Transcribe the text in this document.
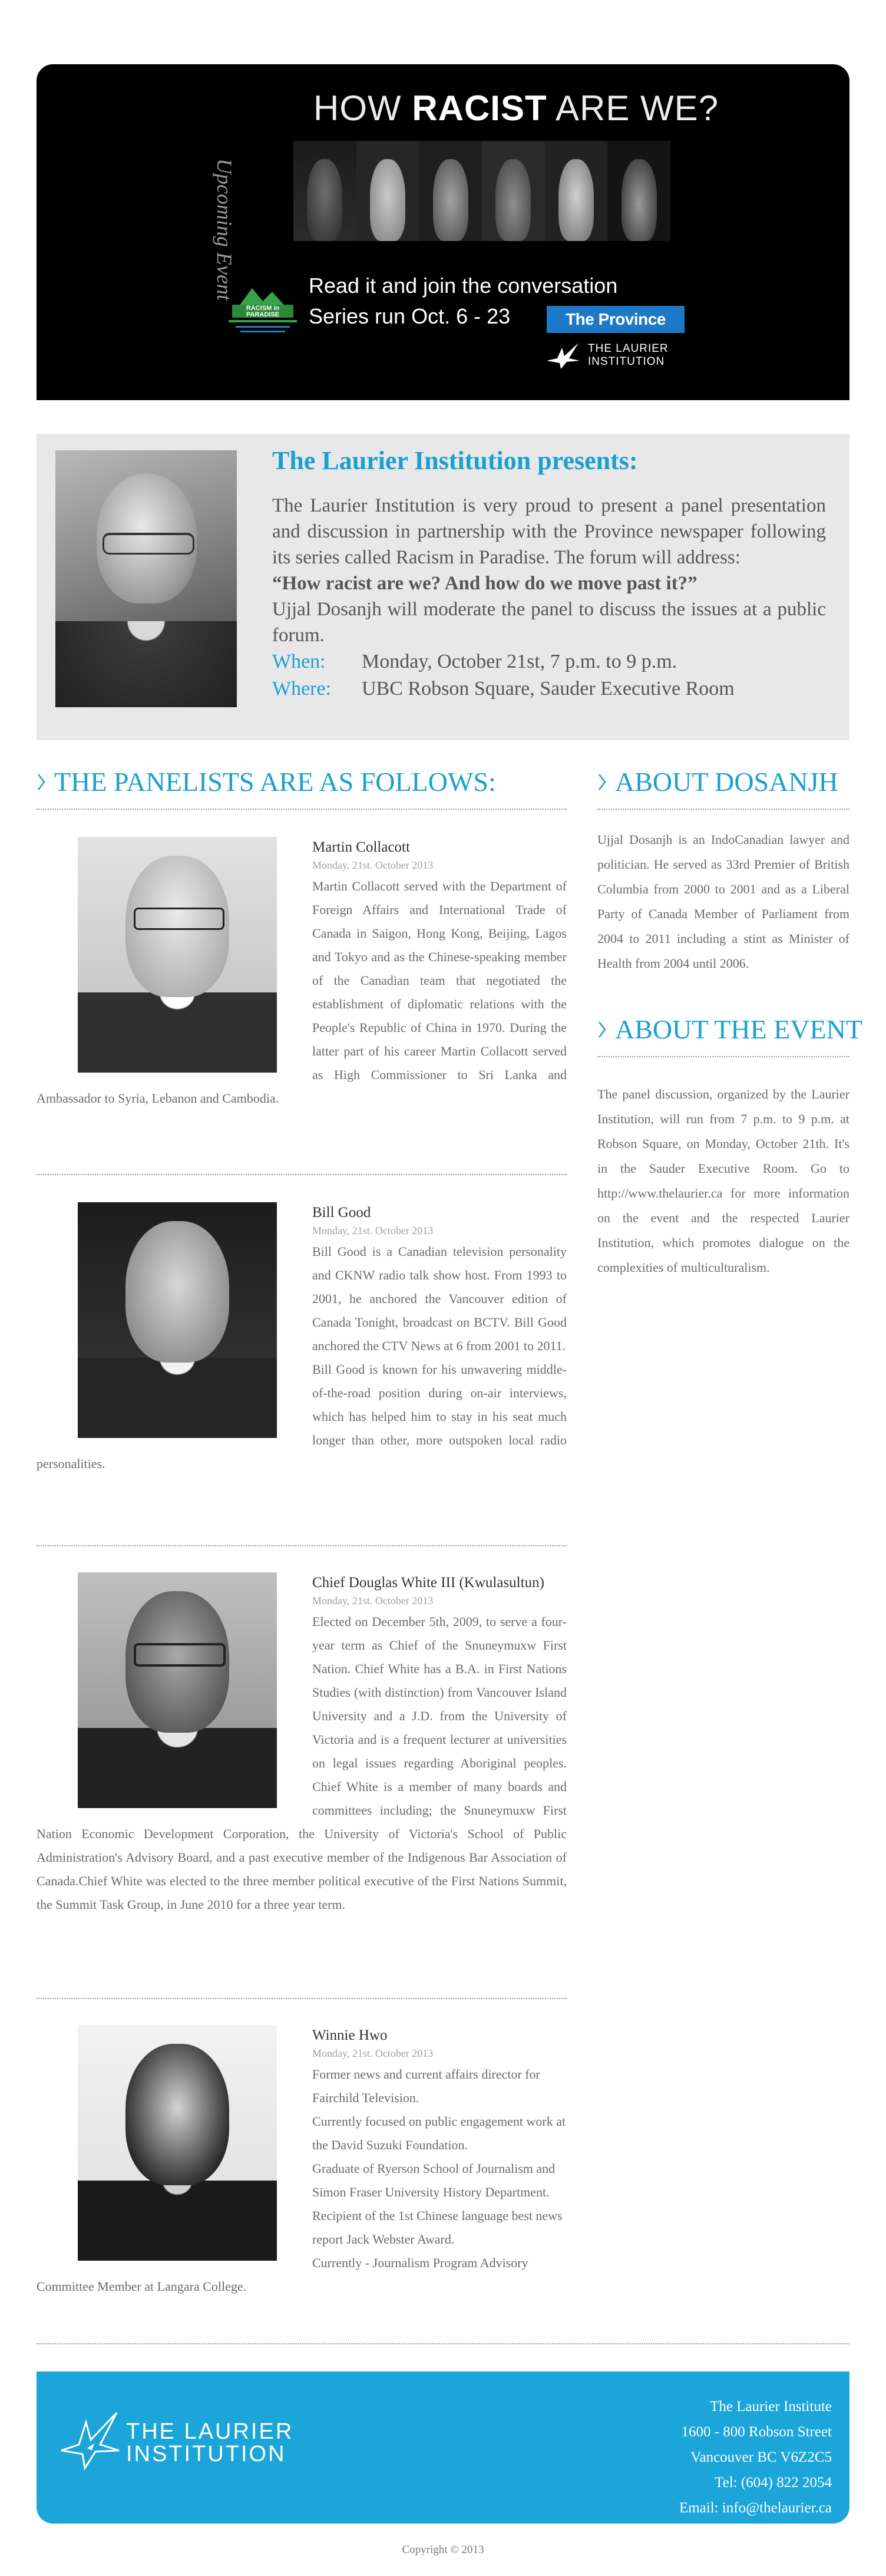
Upcoming Event
HOW RACIST ARE WE?
RACISM in
PARADISE
Read it and join the conversation
Series run Oct. 6 - 23	The Province
THE LAURIER
INSTITUTION
The Laurier Institution presents:

The Laurier Institution is very proud to present a panel presentation and discussion in partnership with the Province newspaper following its series called Racism in Paradise. The forum will address:

“How racist are we? And how do we move past it?”

Ujjal Dosanjh will moderate the panel to discuss the issues at a public forum.

When:	Monday, October 21st, 7 p.m. to 9 p.m.
Where:	UBC Robson Square, Sauder Executive Room
THE PANELISTS ARE AS FOLLOWS:
Martin Collacott
Monday, 21st. October 2013

Martin Collacott served with the Department of Foreign Affairs and International Trade of Canada in Saigon, Hong Kong, Beijing, Lagos and Tokyo and as the Chinese-speaking member of the Canadian team that negotiated the establishment of diplomatic relations with the People's Republic of China in 1970. During the latter part of his career Martin Collacott served as High Commissioner to Sri Lanka and Ambassador to Syria, Lebanon and Cambodia.

Bill Good
Monday, 21st. October 2013

Bill Good is a Canadian television personality and CKNW radio talk show host. From 1993 to 2001, he anchored the Vancouver edition of Canada Tonight, broadcast on BCTV. Bill Good anchored the CTV News at 6 from 2001 to 2011.

Bill Good is known for his unwavering middle-of-the-road position during on-air interviews, which has helped him to stay in his seat much longer than other, more outspoken local radio personalities.

Chief Douglas White III (Kwulasultun)
Monday, 21st. October 2013

Elected on December 5th, 2009, to serve a four-year term as Chief of the Snuneymuxw First Nation. Chief White has a B.A. in First Nations Studies (with distinction) from Vancouver Island University and a J.D. from the University of Victoria and is a frequent lecturer at universities on legal issues regarding Aboriginal peoples. Chief White is a member of many boards and committees including; the Snuneymuxw First Nation Economic Development Corporation, the University of Victoria's School of Public Administration's Advisory Board, and a past executive member of the Indigenous Bar Association of Canada.Chief White was elected to the three member political executive of the First Nations Summit, the Summit Task Group, in June 2010 for a three year term.

Winnie Hwo
Monday, 21st. October 2013

Former news and current affairs director for Fairchild Television.

Currently focused on public engagement work at the David Suzuki Foundation.

Graduate of Ryerson School of Journalism and Simon Fraser University History Department.

Recipient of the 1st Chinese language best news report Jack Webster Award.

Currently - Journalism Program Advisory Committee Member at Langara College.

ABOUT DOSANJH
Ujjal Dosanjh is an IndoCanadian lawyer and politician. He served as 33rd Premier of British Columbia from 2000 to 2001 and as a Liberal Party of Canada Member of Parliament from 2004 to 2011 including a stint as Minister of Health from 2004 until 2006.
ABOUT THE EVENT
The panel discussion, organized by the Laurier Institution, will run from 7 p.m. to 9 p.m. at Robson Square, on Monday, October 21th. It's in the Sauder Executive Room. Go to http://www.thelaurier.ca for more information on the event and the respected Laurier Institution, which promotes dialogue on the complexities of multiculturalism.
THE LAURIER
INSTITUTION
The Laurier Institute
1600 - 800 Robson Street
Vancouver BC V6Z2C5
Tel: (604) 822 2054
Email: info@thelaurier.ca
Copyright © 2013
